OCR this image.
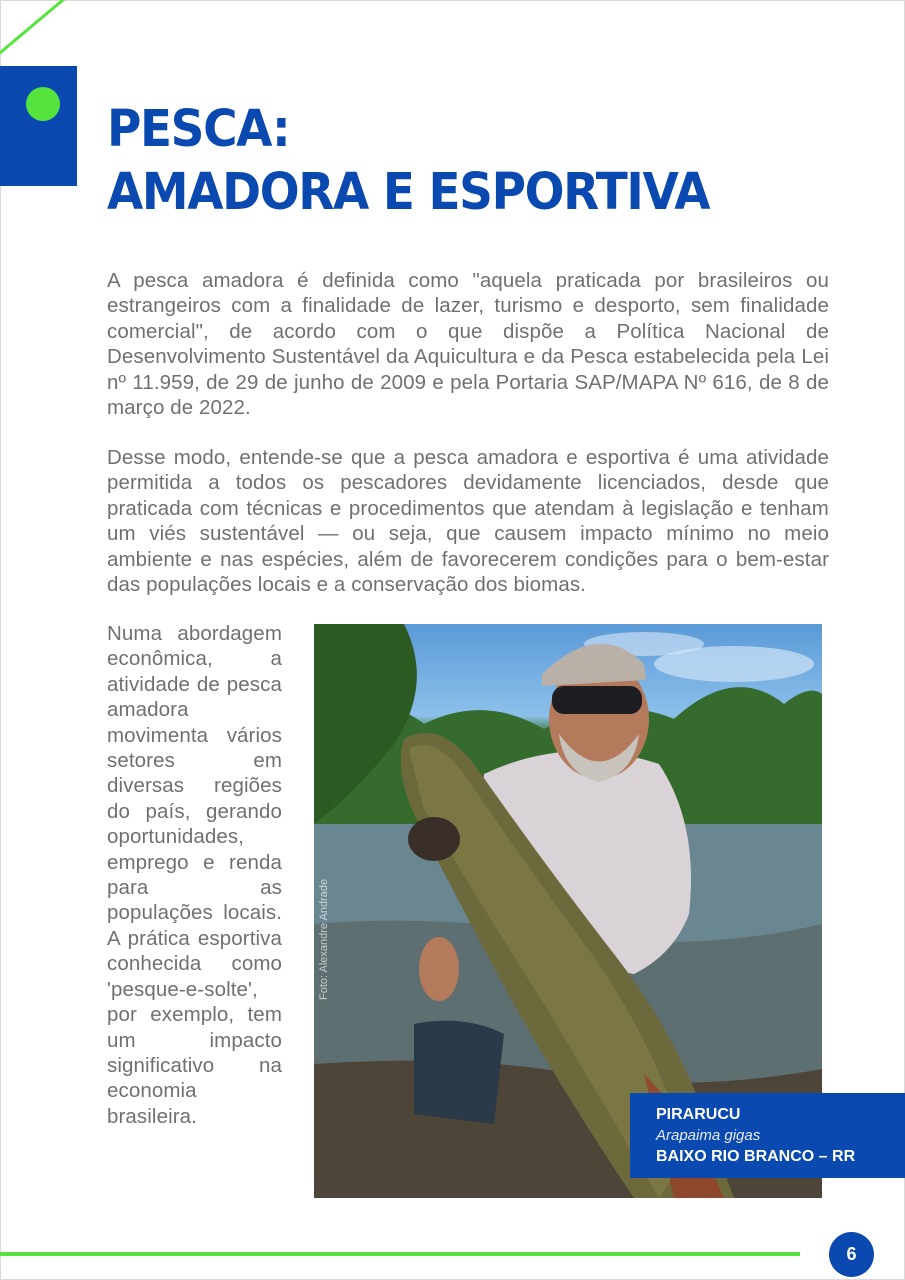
PESCA:
AMADORA E ESPORTIVA

A pesca amadora é definida como "aquela praticada por brasileiros ou estrangeiros com a finalidade de lazer, turismo e desporto, sem finalidade comercial", de acordo com o que dispõe a Política Nacional de Desenvolvimento Sustentável da Aquicultura e da Pesca estabelecida pela Lei nº 11.959, de 29 de junho de 2009 e pela Portaria SAP/MAPA Nº 616, de 8 de março de 2022.

Desse modo, entende-se que a pesca amadora e esportiva é uma atividade permitida a todos os pescadores devidamente licenciados, desde que praticada com técnicas e procedimentos que atendam à legislação e tenham um viés sustentável — ou seja, que causem impacto mínimo no meio ambiente e nas espécies, além de favorecerem condições para o bem-estar das populações locais e a conservação dos biomas.

Numa abordagem econômica, a atividade de pesca amadora movimenta vários setores em diversas regiões do país, gerando oportunidades, emprego e renda para as populações locais. A prática esportiva conhecida como 'pesque-e-solte', por exemplo, tem um impacto significativo na economia brasileira.

Foto: Alexandre Andrade
PIRARUCU
Arapaima gigas
BAIXO RIO BRANCO – RR
6
